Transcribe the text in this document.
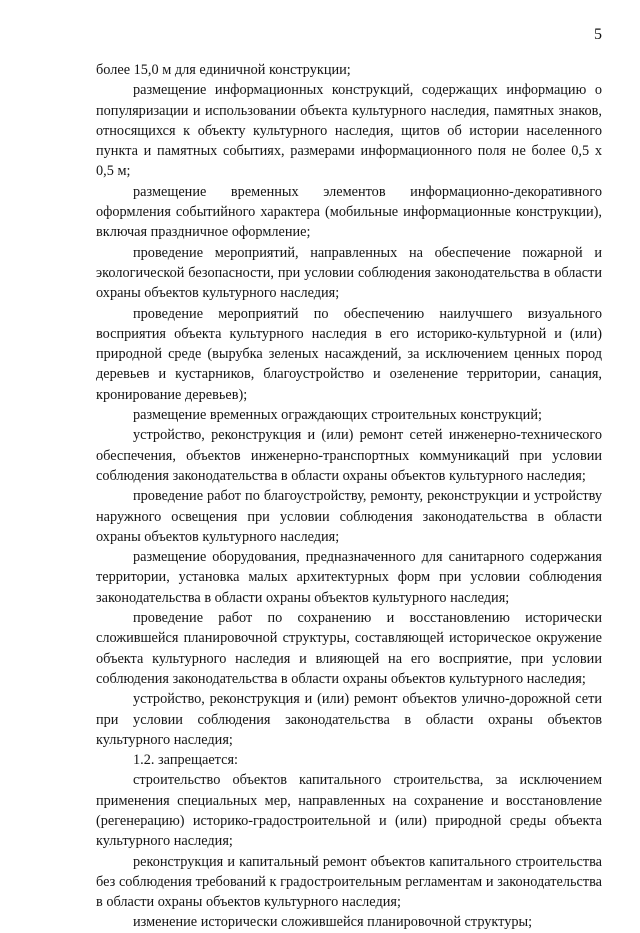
5

более 15,0 м для единичной конструкции;

размещение информационных конструкций, содержащих информацию о популяризации и использовании объекта культурного наследия, памятных знаков, относящихся к объекту культурного наследия, щитов об истории населенного пункта и памятных событиях, размерами информационного поля не более 0,5 х 0,5 м;

размещение временных элементов информационно-декоративного оформления событийного характера (мобильные информационные конструкции), включая праздничное оформление;

проведение мероприятий, направленных на обеспечение пожарной и экологической безопасности, при условии соблюдения законодательства в области охраны объектов культурного наследия;

проведение мероприятий по обеспечению наилучшего визуального восприятия объекта культурного наследия в его историко-культурной и (или) природной среде (вырубка зеленых насаждений, за исключением ценных пород деревьев и кустарников, благоустройство и озеленение территории, санация, кронирование деревьев);

размещение временных ограждающих строительных конструкций;

устройство, реконструкция и (или) ремонт сетей инженерно-технического обеспечения, объектов инженерно-транспортных коммуникаций при условии соблюдения законодательства в области охраны объектов культурного наследия;

проведение работ по благоустройству, ремонту, реконструкции и устройству наружного освещения при условии соблюдения законодательства в области охраны объектов культурного наследия;

размещение оборудования, предназначенного для санитарного содержания территории, установка малых архитектурных форм при условии соблюдения законодательства в области охраны объектов культурного наследия;

проведение работ по сохранению и восстановлению исторически сложившейся планировочной структуры, составляющей историческое окружение объекта культурного наследия и влияющей на его восприятие, при условии соблюдения законодательства в области охраны объектов культурного наследия;

устройство, реконструкция и (или) ремонт объектов улично-дорожной сети при условии соблюдения законодательства в области охраны объектов культурного наследия;

1.2. запрещается:

строительство объектов капитального строительства, за исключением применения специальных мер, направленных на сохранение и восстановление (регенерацию) историко-градостроительной и (или) природной среды объекта культурного наследия;

реконструкция и капитальный ремонт объектов капитального строительства без соблюдения требований к градостроительным регламентам и законодательства в области охраны объектов культурного наследия;

изменение исторически сложившейся планировочной структуры;
